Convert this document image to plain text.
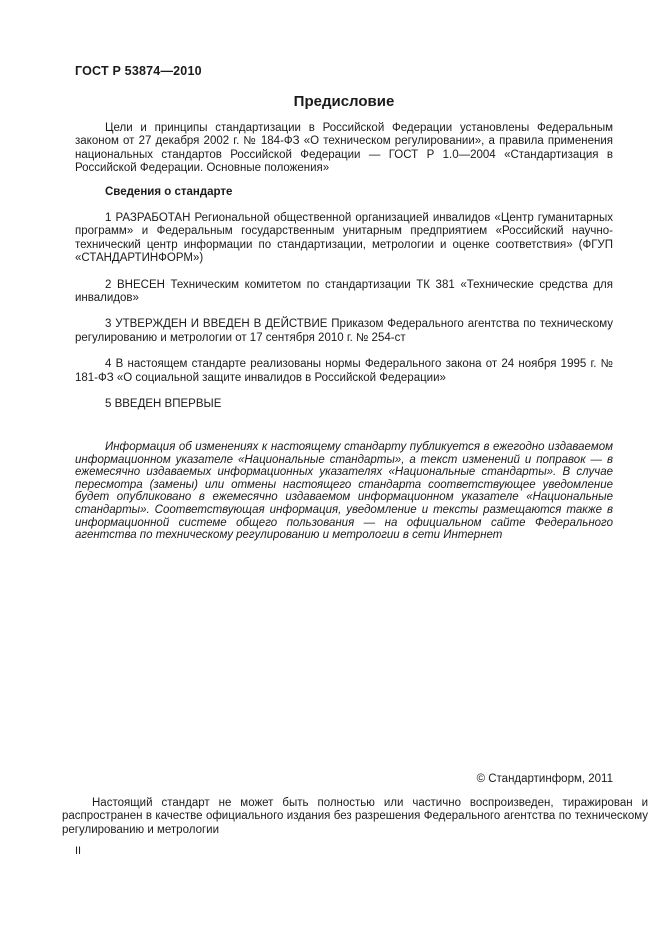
ГОСТ Р 53874—2010
Предисловие

Цели и принципы стандартизации в Российской Федерации установлены Федеральным законом от 27 декабря 2002 г. № 184-ФЗ «О техническом регулировании», а правила применения национальных стандартов Российской Федерации — ГОСТ Р 1.0—2004 «Стандартизация в Российской Федерации. Основные положения»

Сведения о стандарте

1 РАЗРАБОТАН Региональной общественной организацией инвалидов «Центр гуманитарных программ» и Федеральным государственным унитарным предприятием «Российский научно-технический центр информации по стандартизации, метрологии и оценке соответствия» (ФГУП «СТАНДАРТИНФОРМ»)

2 ВНЕСЕН Техническим комитетом по стандартизации ТК 381 «Технические средства для инвалидов»

3 УТВЕРЖДЕН И ВВЕДЕН В ДЕЙСТВИЕ Приказом Федерального агентства по техническому регулированию и метрологии от 17 сентября 2010 г. № 254-ст

4 В настоящем стандарте реализованы нормы Федерального закона от 24 ноября 1995 г. № 181-ФЗ «О социальной защите инвалидов в Российской Федерации»

5 ВВЕДЕН ВПЕРВЫЕ

Информация об изменениях к настоящему стандарту публикуется в ежегодно издаваемом информационном указателе «Национальные стандарты», а текст изменений и поправок — в ежемесячно издаваемых информационных указателях «Национальные стандарты». В случае пересмотра (замены) или отмены настоящего стандарта соответствующее уведомление будет опубликовано в ежемесячно издаваемом информационном указателе «Национальные стандарты». Соответствующая информация, уведомление и тексты размещаются также в информационной системе общего пользования — на официальном сайте Федерального агентства по техническому регулированию и метрологии в сети Интернет

© Стандартинформ, 2011

Настоящий стандарт не может быть полностью или частично воспроизведен, тиражирован и распространен в качестве официального издания без разрешения Федерального агентства по техническому регулированию и метрологии

II
